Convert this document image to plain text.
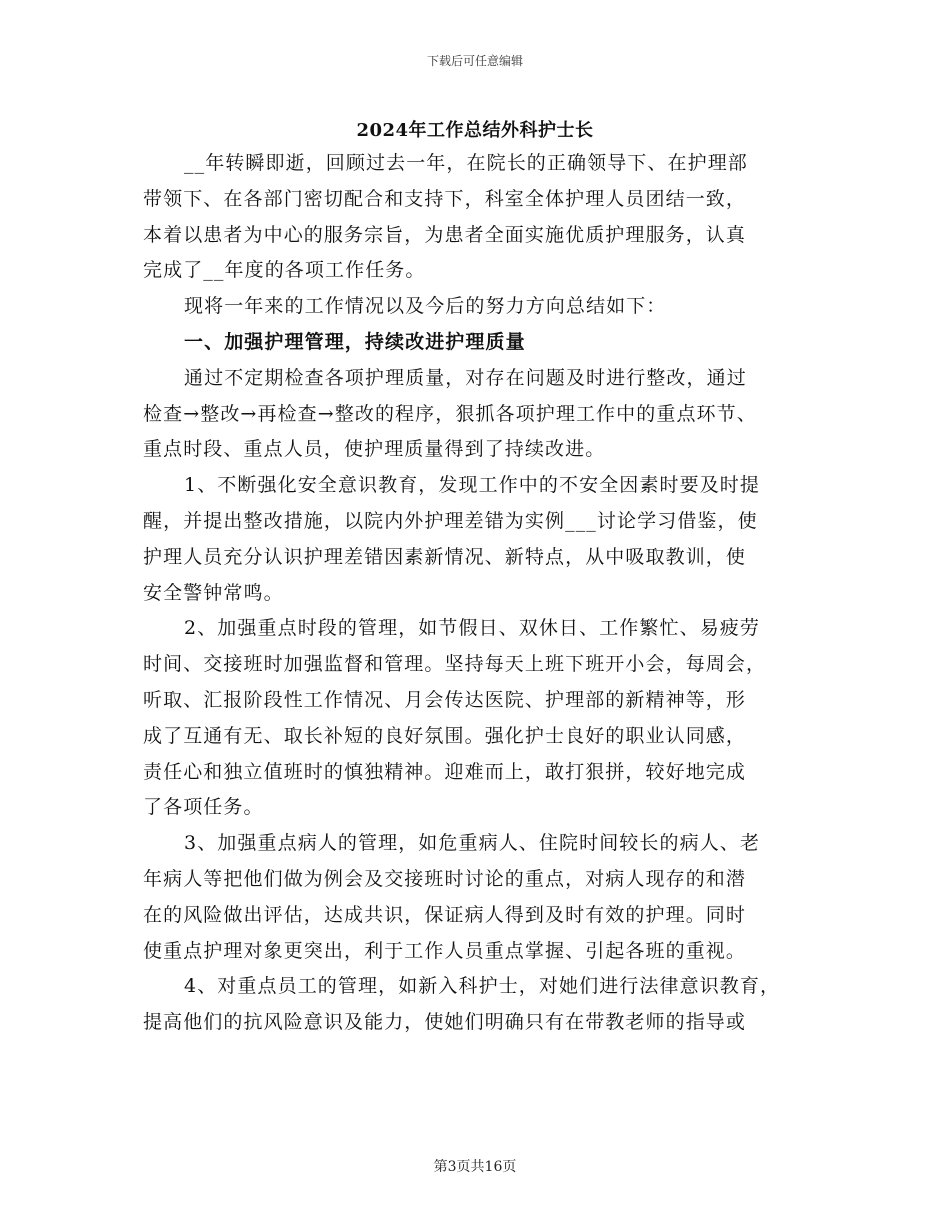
下载后可任意编辑
2024年工作总结外科护士长
__年转瞬即逝，回顾过去一年，在院长的正确领导下、在护理部
带领下、在各部门密切配合和支持下，科室全体护理人员团结一致，
本着以患者为中心的服务宗旨，为患者全面实施优质护理服务，认真
完成了__年度的各项工作任务。
现将一年来的工作情况以及今后的努力方向总结如下：
一、加强护理管理，持续改进护理质量
通过不定期检查各项护理质量，对存在问题及时进行整改，通过
检查→整改→再检查→整改的程序，狠抓各项护理工作中的重点环节、
重点时段、重点人员，使护理质量得到了持续改进。
1、不断强化安全意识教育，发现工作中的不安全因素时要及时提
醒，并提出整改措施，以院内外护理差错为实例___讨论学习借鉴，使
护理人员充分认识护理差错因素新情况、新特点，从中吸取教训，使
安全警钟常鸣。
2、加强重点时段的管理，如节假日、双休日、工作繁忙、易疲劳
时间、交接班时加强监督和管理。坚持每天上班下班开小会，每周会，
听取、汇报阶段性工作情况、月会传达医院、护理部的新精神等，形
成了互通有无、取长补短的良好氛围。强化护士良好的职业认同感，
责任心和独立值班时的慎独精神。迎难而上，敢打狠拼，较好地完成
了各项任务。
3、加强重点病人的管理，如危重病人、住院时间较长的病人、老
年病人等把他们做为例会及交接班时讨论的重点，对病人现存的和潜
在的风险做出评估，达成共识，保证病人得到及时有效的护理。同时
使重点护理对象更突出，利于工作人员重点掌握、引起各班的重视。
4、对重点员工的管理，如新入科护士，对她们进行法律意识教育，
提高他们的抗风险意识及能力，使她们明确只有在带教老师的指导或
第3页共16页
